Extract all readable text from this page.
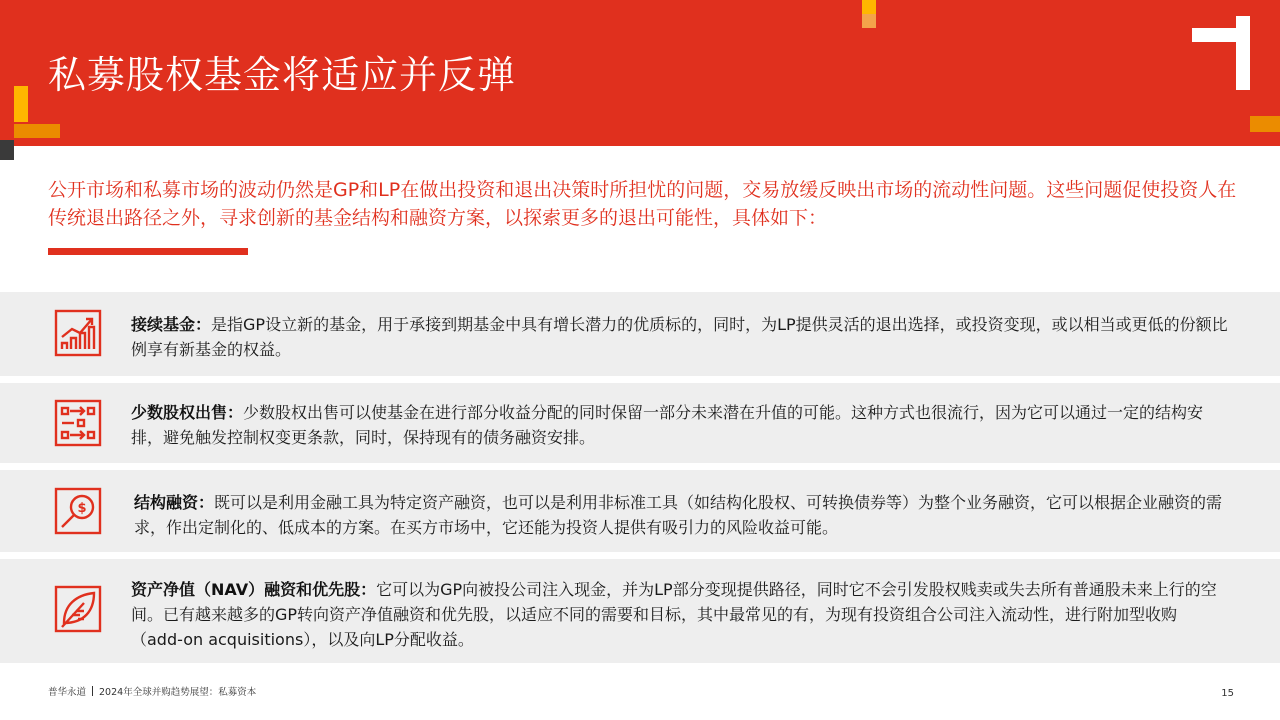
私募股权基金将适应并反弹
公开市场和私募市场的波动仍然是GP和LP在做出投资和退出决策时所担忧的问题，交易放缓反映出市场的流动性问题。这些问题促使投资人在传统退出路径之外，寻求创新的基金结构和融资方案，以探索更多的退出可能性，具体如下：
接续基金：是指GP设立新的基金，用于承接到期基金中具有增长潜力的优质标的，同时，为LP提供灵活的退出选择，或投资变现，或以相当或更低的份额比例享有新基金的权益。
少数股权出售：少数股权出售可以使基金在进行部分收益分配的同时保留一部分未来潜在升值的可能。这种方式也很流行，因为它可以通过一定的结构安排，避免触发控制权变更条款，同时，保持现有的债务融资安排。
$	结构融资：既可以是利用金融工具为特定资产融资，也可以是利用非标准工具（如结构化股权、可转换债券等）为整个业务融资，它可以根据企业融资的需求，作出定制化的、低成本的方案。在买方市场中，它还能为投资人提供有吸引力的风险收益可能。
资产净值（NAV）融资和优先股：它可以为GP向被投公司注入现金，并为LP部分变现提供路径，同时它不会引发股权贱卖或失去所有普通股未来上行的空间。已有越来越多的GP转向资产净值融资和优先股，以适应不同的需要和目标，其中最常见的有，为现有投资组合公司注入流动性，进行附加型收购（add-on acquisitions），以及向LP分配收益。
普华永道 2024年全球并购趋势展望：私募资本	15
